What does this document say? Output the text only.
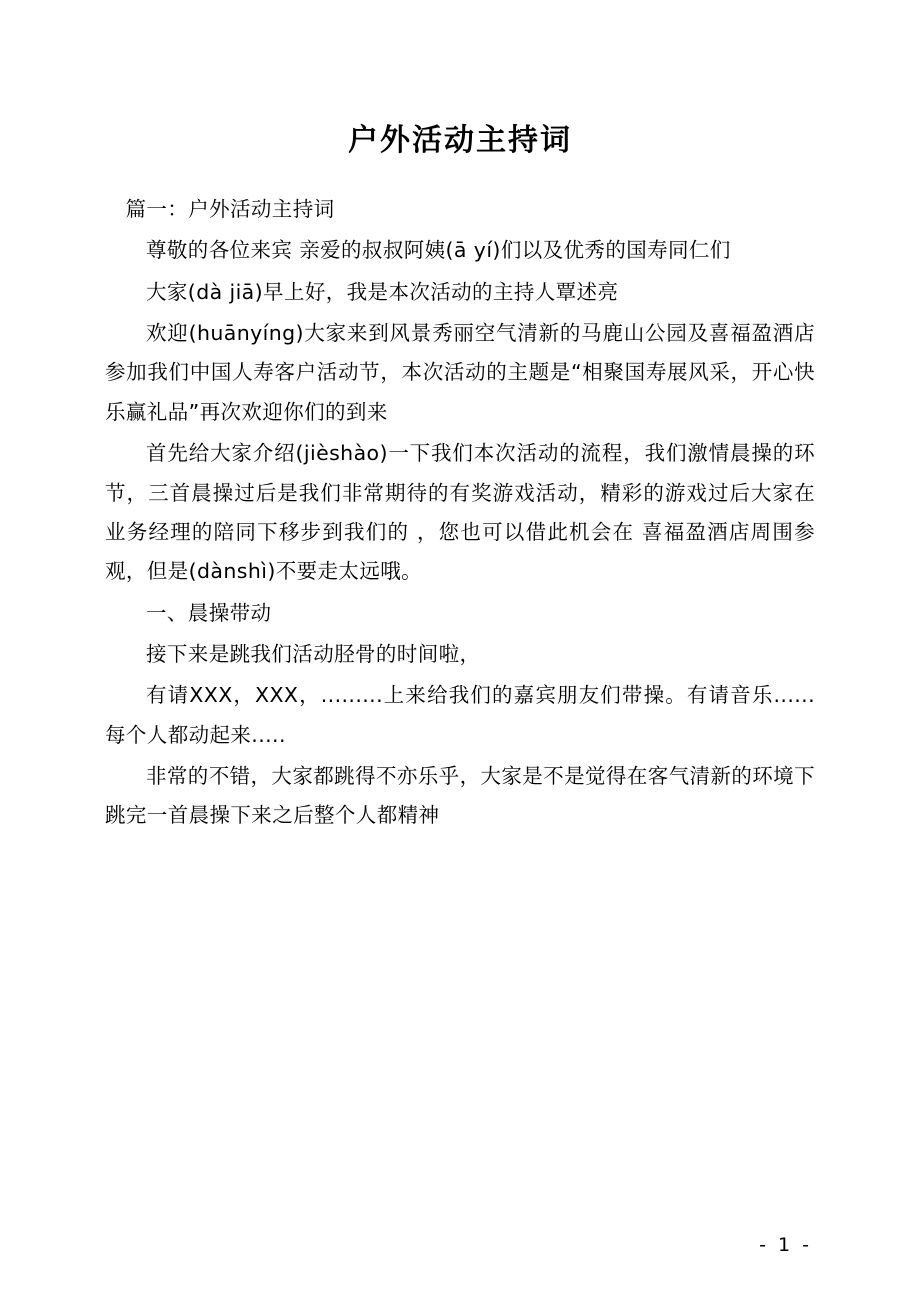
户外活动主持词

篇一：户外活动主持词

尊敬的各位来宾 亲爱的叔叔阿姨(ā yí)们以及优秀的国寿同仁们

大家(dà jiā)早上好，我是本次活动的主持人覃述亮

欢迎(huānyíng)大家来到风景秀丽空气清新的马鹿山公园及喜福盈酒店参加我们中国人寿客户活动节，本次活动的主题是“相聚国寿展风采，开心快乐赢礼品”再次欢迎你们的到来

首先给大家介绍(jièshào)一下我们本次活动的流程，我们激情晨操的环节，三首晨操过后是我们非常期待的有奖游戏活动，精彩的游戏过后大家在业务经理的陪同下移步到我们的 ，您也可以借此机会在 喜福盈酒店周围参观，但是(dànshì)不要走太远哦。

一、晨操带动

接下来是跳我们活动胫骨的时间啦，

有请XXX，XXX，.........上来给我们的嘉宾朋友们带操。有请音乐......每个人都动起来.....

非常的不错，大家都跳得不亦乐乎，大家是不是觉得在客气清新的环境下跳完一首晨操下来之后整个人都精神

- 1 -
